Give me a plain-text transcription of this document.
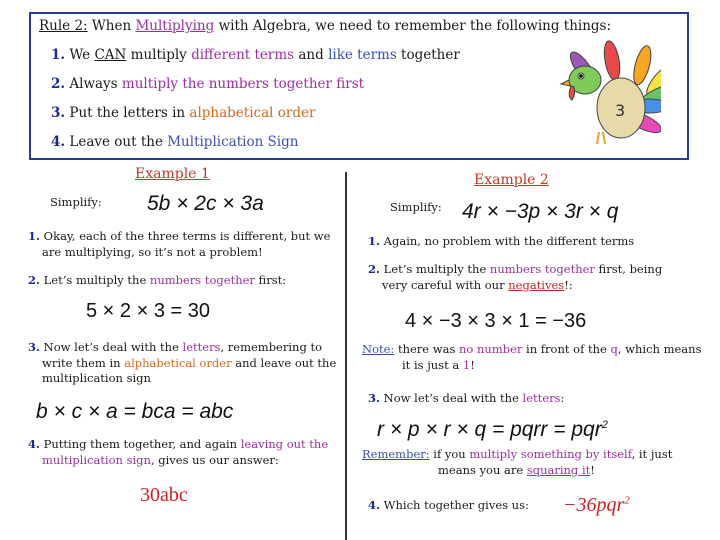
Rule 2: When Multiplying with Algebra, we need to remember the following things:
1. We CAN multiply different terms and like terms together
2. Always multiply the numbers together first
3. Put the letters in alphabetical order
4. Leave out the Multiplication Sign
3
Example 1
Simplify: 5b × 2c × 3a
1. Okay, each of the three terms is different, but we
are multiplying, so it’s not a problem!
2. Let’s multiply the numbers together first:
5 × 2 × 3 = 30
3. Now let’s deal with the letters, remembering to
write them in alphabetical order and leave out the
multiplication sign
b × c × a = bca = abc
4. Putting them together, and again leaving out the
multiplication sign, gives us our answer:
30abc
Example 2
Simplify: 4r × −3p × 3r × q
1. Again, no problem with the different terms
2. Let’s multiply the numbers together first, being
very careful with our negatives!:
4 × −3 × 3 × 1 = −36
Note: there was no number in front of the q, which means
it is just a 1!
3. Now let’s deal with the letters:
r × p × r × q = pqrr = pqr$^2$
Remember: if you multiply something by itself, it just
means you are squaring it!
4. Which together gives us:	−36pqr$^2$
